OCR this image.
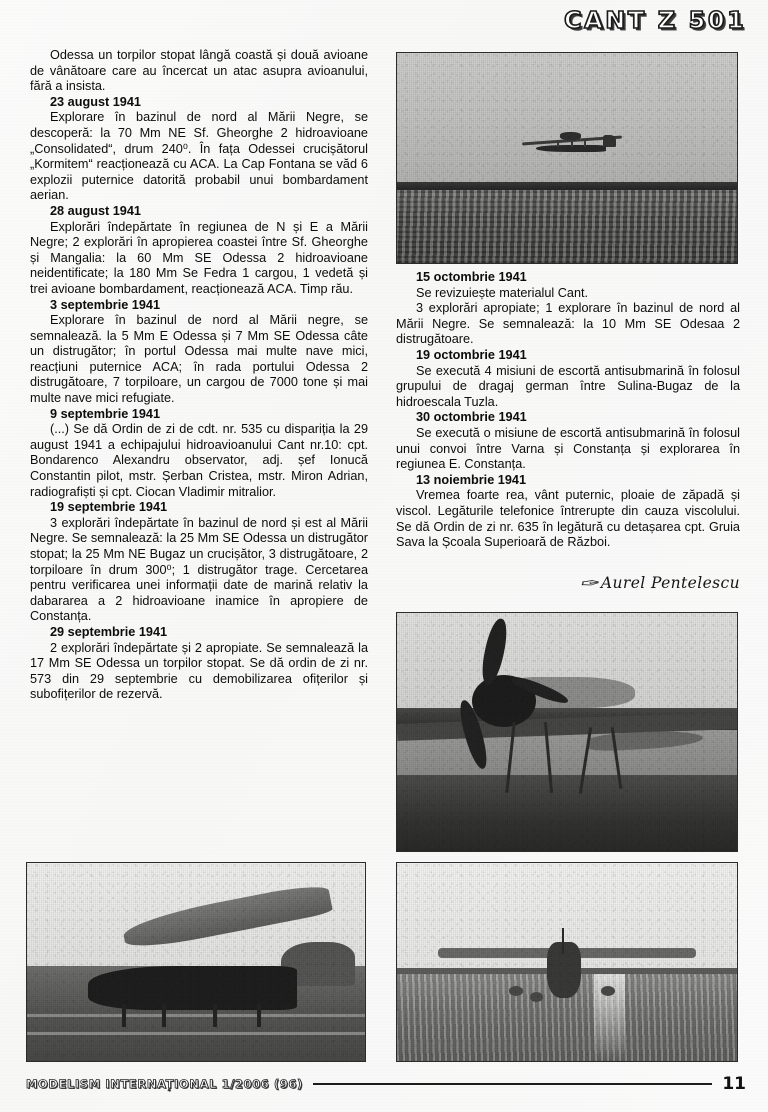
CANT Z 501

Odessa un torpilor stopat lângă coastă și două avioane de vânătoare care au încercat un atac asupra avioanului, fără a insista.

23 august 1941

Explorare în bazinul de nord al Mării Negre, se descoperă: la 70 Mm NE Sf. Gheorghe 2 hidroavioane „Consolidated“, drum 240⁰. În fața Odessei crucișătorul „Kormitem“ reacționează cu ACA. La Cap Fontana se văd 6 explozii puternice datorită probabil unui bombardament aerian.

28 august 1941

Explorări îndepărtate în regiunea de N și E a Mării Negre; 2 explorări în apropierea coastei între Sf. Gheorghe și Mangalia: la 60 Mm SE Odessa 2 hidroavioane neidentificate; la 180 Mm Se Fedra 1 cargou, 1 vedetă și trei avioane bombardament, reacționează ACA. Timp rău.

3 septembrie 1941

Explorare în bazinul de nord al Mării negre, se semnalează. la 5 Mm E Odessa și 7 Mm SE Odessa câte un distrugător; în portul Odessa mai multe nave mici, reacțiuni puternice ACA; în rada portului Odessa 2 distrugătoare, 7 torpiloare, un cargou de 7000 tone și mai multe nave mici refugiate.

9 septembrie 1941

(...) Se dă Ordin de zi de cdt. nr. 535 cu dispariția la 29 august 1941 a echipajului hidroavioanului Cant nr.10: cpt. Bondarenco Alexandru observator, adj. șef Ionucă Constantin pilot, mstr. Șerban Cristea, mstr. Miron Adrian, radiografiști și cpt. Ciocan Vladimir mitralior.

19 septembrie 1941

3 explorări îndepărtate în bazinul de nord și est al Mării Negre. Se semnalează: la 25 Mm SE Odessa un distrugător stopat; la 25 Mm NE Bugaz un crucișător, 3 distrugătoare, 2 torpiloare în drum 300⁰; 1 distrugător trage. Cercetarea pentru verificarea unei informații date de marină relativ la dabararea a 2 hidroavioane inamice în apropiere de Constanța.

29 septembrie 1941

2 explorări îndepărtate și 2 apropiate. Se semnalează la 17 Mm SE Odessa un torpilor stopat. Se dă ordin de zi nr. 573 din 29 septembrie cu demobilizarea ofițerilor și subofițerilor de rezervă.

15 octombrie 1941

Se revizuiește materialul Cant.

3 explorări apropiate; 1 explorare în bazinul de nord al Mării Negre. Se semnalează: la 10 Mm SE Odesaa 2 distrugătoare.

19 octombrie 1941

Se execută 4 misiuni de escortă antisubmarină în folosul grupului de dragaj german între Sulina-Bugaz de la hidroescala Tuzla.

30 octombrie 1941

Se execută o misiune de escortă antisubmarină în folosul unui convoi între Varna și Constanța și explorarea în regiunea E. Constanța.

13 noiembrie 1941

Vremea foarte rea, vânt puternic, ploaie de zăpadă și viscol. Legăturile telefonice întrerupte din cauza viscolului. Se dă Ordin de zi nr. 635 în legătură cu detașarea cpt. Gruia Sava la Școala Superioară de Război.

✑Aurel Pentelescu
MODELISM INTERNAȚIONAL 1/2006 (96)	11
